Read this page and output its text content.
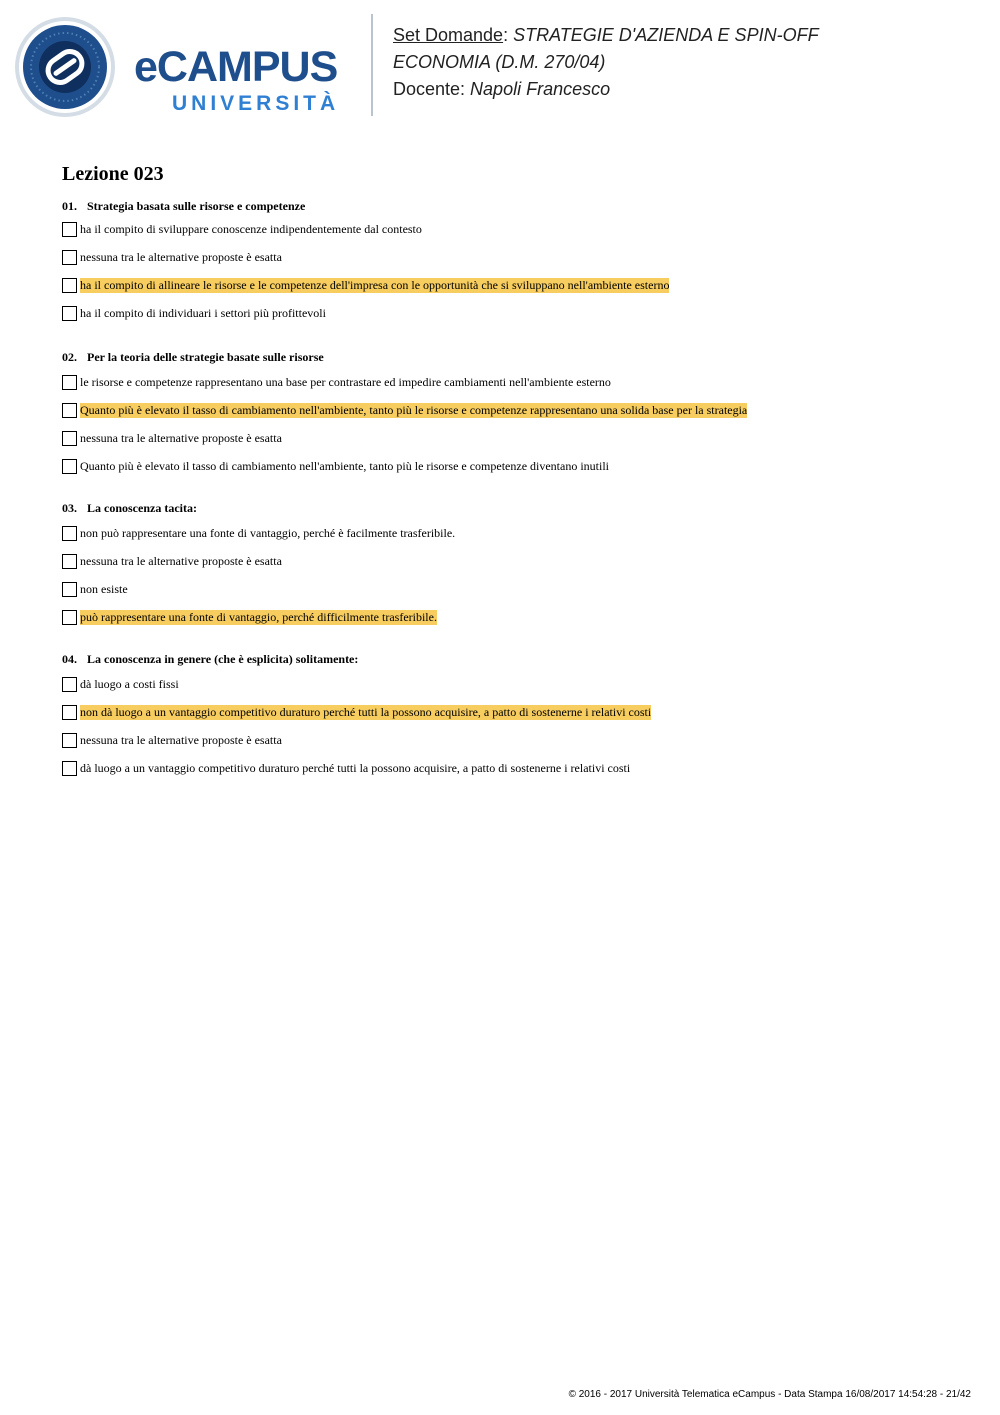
eCAMPUS
UNIVERSITÀ
Set Domande: STRATEGIE D'AZIENDA E SPIN-OFF
ECONOMIA (D.M. 270/04)
Docente: Napoli Francesco
Lezione 023
01. Strategia basata sulle risorse e competenze
ha il compito di sviluppare conoscenze indipendentemente dal contesto
nessuna tra le alternative proposte è esatta
ha il compito di allineare le risorse e le competenze dell'impresa con le opportunità che si sviluppano nell'ambiente esterno
ha il compito di individuari i settori più profittevoli
02. Per la teoria delle strategie basate sulle risorse
le risorse e competenze rappresentano una base per contrastare ed impedire cambiamenti nell'ambiente esterno
Quanto più è elevato il tasso di cambiamento nell'ambiente, tanto più le risorse e competenze rappresentano una solida base per la strategia
nessuna tra le alternative proposte è esatta
Quanto più è elevato il tasso di cambiamento nell'ambiente, tanto più le risorse e competenze diventano inutili
03. La conoscenza tacita:
non può rappresentare una fonte di vantaggio, perché è facilmente trasferibile.
nessuna tra le alternative proposte è esatta
non esiste
può rappresentare una fonte di vantaggio, perché difficilmente trasferibile.
04. La conoscenza in genere (che è esplicita) solitamente:
dà luogo a costi fissi
non dà luogo a un vantaggio competitivo duraturo perché tutti la possono acquisire, a patto di sostenerne i relativi costi
nessuna tra le alternative proposte è esatta
dà luogo a un vantaggio competitivo duraturo perché tutti la possono acquisire, a patto di sostenerne i relativi costi
© 2016 - 2017 Università Telematica eCampus - Data Stampa 16/08/2017 14:54:28 - 21/42
